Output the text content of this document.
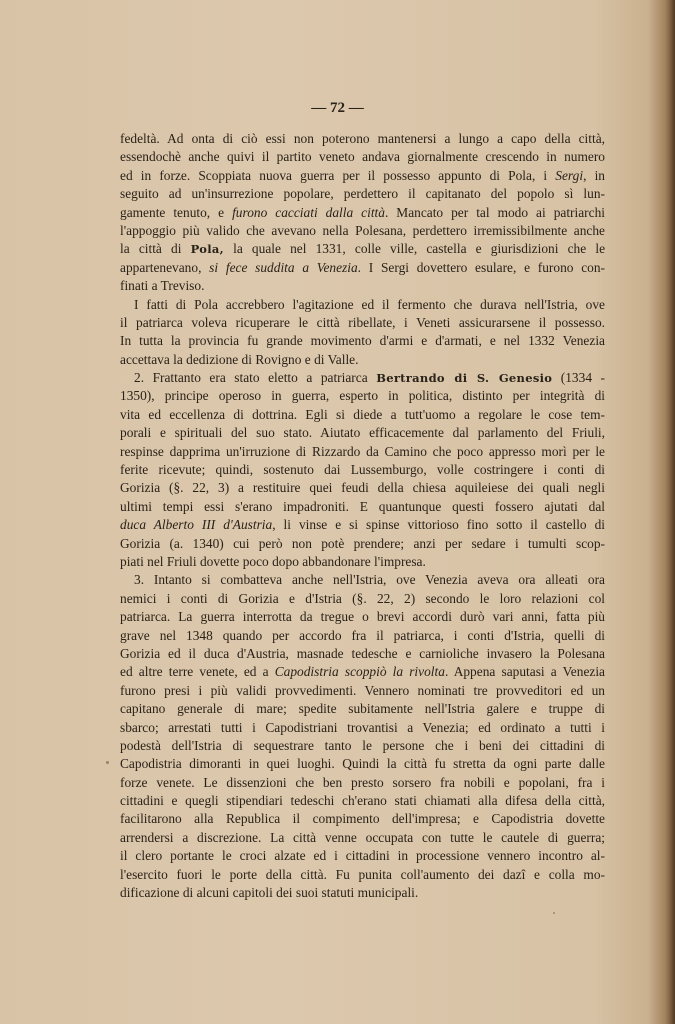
— 72 —
fedeltà. Ad onta di ciò essi non poterono mantenersi a lungo a capo della città,
essendochè anche quivi il partito veneto andava giornalmente crescendo in numero
ed in forze. Scoppiata nuova guerra per il possesso appunto di Pola, i Sergi, in
seguito ad un'insurrezione popolare, perdettero il capitanato del popolo sì lun-
gamente tenuto, e furono cacciati dalla città. Mancato per tal modo ai patriarchi
l'appoggio più valido che avevano nella Polesana, perdettero irremissibilmente anche
la città di Pola, la quale nel 1331, colle ville, castella e giurisdizioni che le
appartenevano, si fece suddita a Venezia. I Sergi dovettero esulare, e furono con-
finati a Treviso.
I fatti di Pola accrebbero l'agitazione ed il fermento che durava nell'Istria, ove
il patriarca voleva ricuperare le città ribellate, i Veneti assicurarsene il possesso.
In tutta la provincia fu grande movimento d'armi e d'armati, e nel 1332 Venezia
accettava la dedizione di Rovigno e di Valle.
2. Frattanto era stato eletto a patriarca Bertrando di S. Genesio (1334 -
1350), principe operoso in guerra, esperto in politica, distinto per integrità di
vita ed eccellenza di dottrina. Egli si diede a tutt'uomo a regolare le cose tem-
porali e spirituali del suo stato. Aiutato efficacemente dal parlamento del Friuli,
respinse dapprima un'irruzione di Rizzardo da Camino che poco appresso morì per le
ferite ricevute; quindi, sostenuto dai Lussemburgo, volle costringere i conti di
Gorizia (§. 22, 3) a restituire quei feudi della chiesa aquileiese dei quali negli
ultimi tempi essi s'erano impadroniti. E quantunque questi fossero ajutati dal
duca Alberto III d'Austria, li vinse e si spinse vittorioso fino sotto il castello di
Gorizia (a. 1340) cui però non potè prendere; anzi per sedare i tumulti scop-
piati nel Friuli dovette poco dopo abbandonare l'impresa.
3. Intanto si combatteva anche nell'Istria, ove Venezia aveva ora alleati ora
nemici i conti di Gorizia e d'Istria (§. 22, 2) secondo le loro relazioni col
patriarca. La guerra interrotta da tregue o brevi accordi durò vari anni, fatta più
grave nel 1348 quando per accordo fra il patriarca, i conti d'Istria, quelli di
Gorizia ed il duca d'Austria, masnade tedesche e carnioliche invasero la Polesana
ed altre terre venete, ed a Capodistria scoppiò la rivolta. Appena saputasi a Venezia
furono presi i più validi provvedimenti. Vennero nominati tre provveditori ed un
capitano generale di mare; spedite subitamente nell'Istria galere e truppe di
sbarco; arrestati tutti i Capodistriani trovantisi a Venezia; ed ordinato a tutti i
podestà dell'Istria di sequestrare tanto le persone che i beni dei cittadini di
Capodistria dimoranti in quei luoghi. Quindi la città fu stretta da ogni parte dalle
forze venete. Le dissenzioni che ben presto sorsero fra nobili e popolani, fra i
cittadini e quegli stipendiari tedeschi ch'erano stati chiamati alla difesa della città,
facilitarono alla Republica il compimento dell'impresa; e Capodistria dovette
arrendersi a discrezione. La città venne occupata con tutte le cautele di guerra;
il clero portante le croci alzate ed i cittadini in processione vennero incontro al-
l'esercito fuori le porte della città. Fu punita coll'aumento dei dazî e colla mo-
dificazione di alcuni capitoli dei suoi statuti municipali.
